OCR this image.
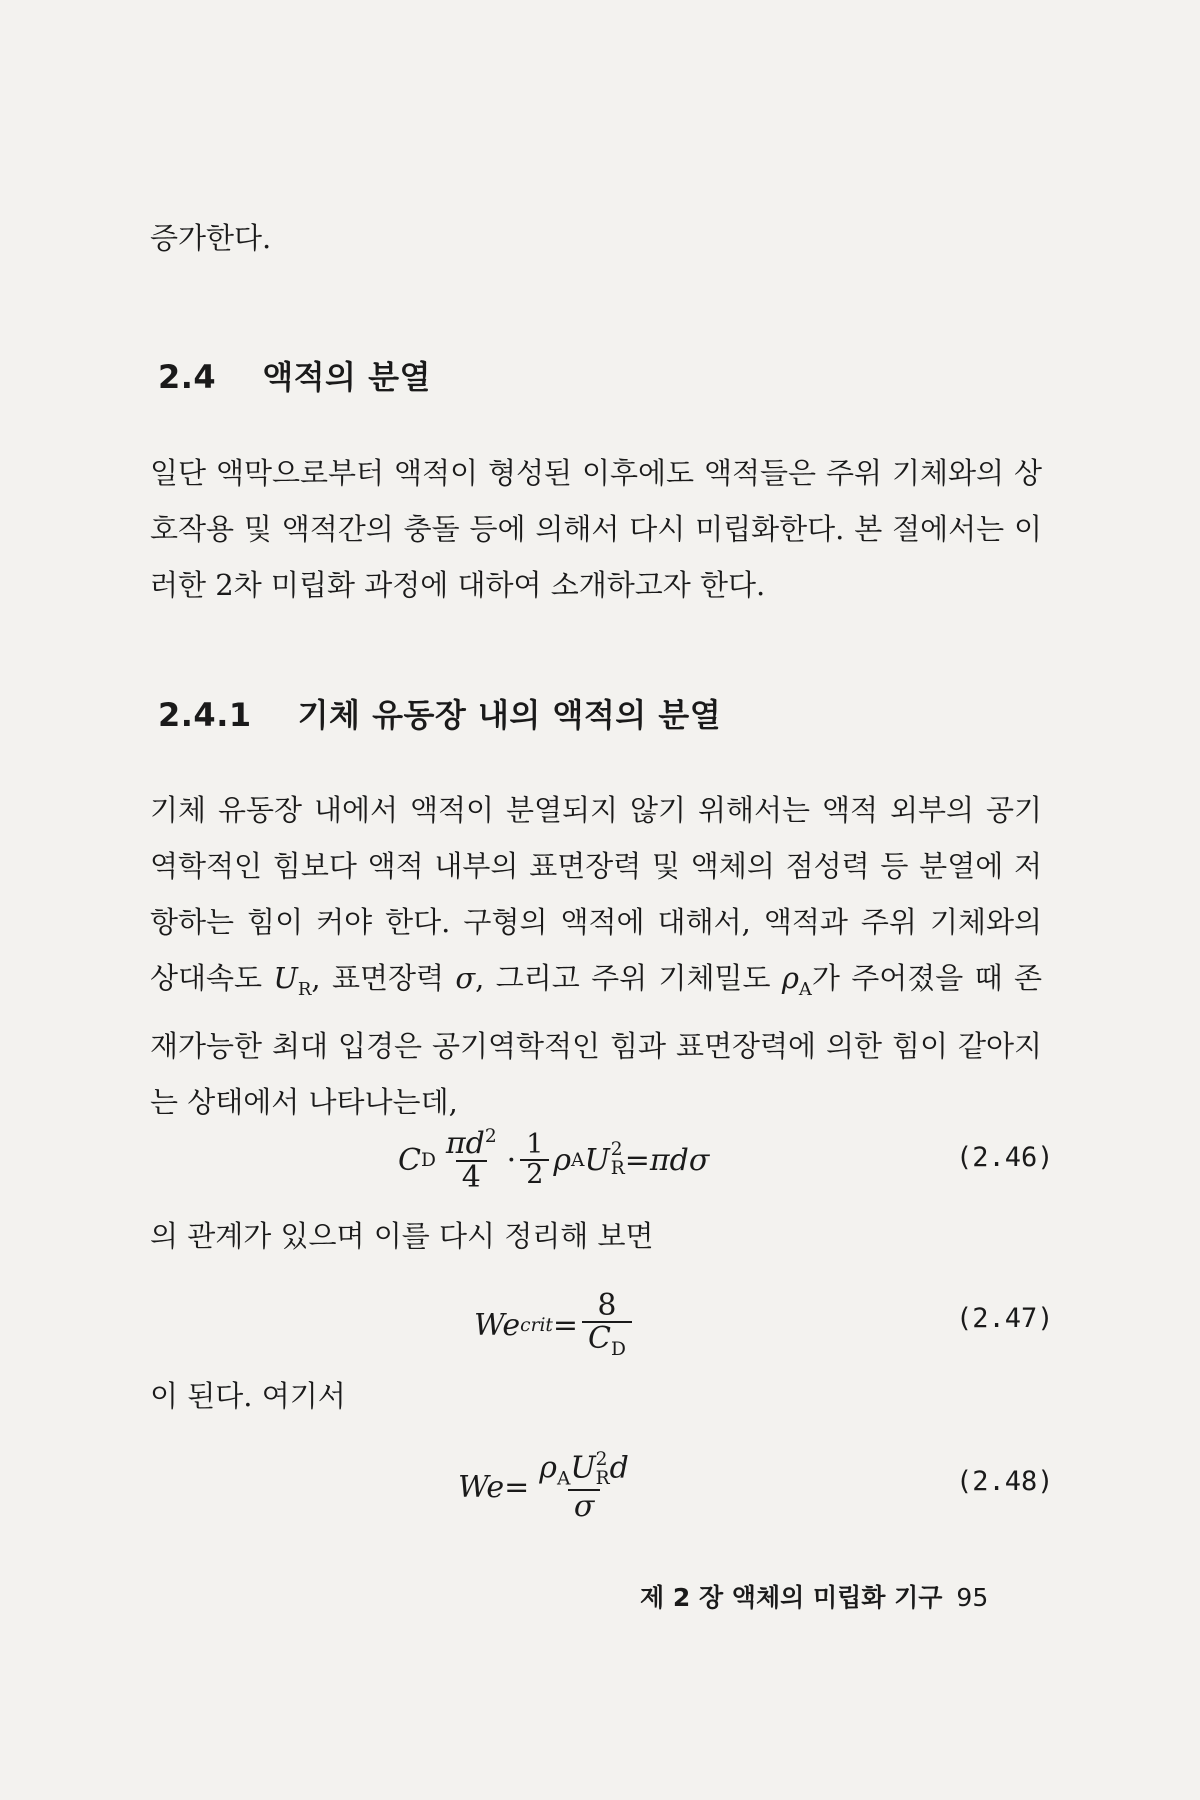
증가한다.
2.4 액적의 분열
일단 액막으로부터 액적이 형성된 이후에도 액적들은 주위 기체와의 상호작용 및 액적간의 충돌 등에 의해서 다시 미립화한다. 본 절에서는 이러한 2차 미립화 과정에 대하여 소개하고자 한다.
2.4.1 기체 유동장 내의 액적의 분열
기체 유동장 내에서 액적이 분열되지 않기 위해서는 액적 외부의 공기역학적인 힘보다 액적 내부의 표면장력 및 액체의 점성력 등 분열에 저항하는 힘이 커야 한다. 구형의 액적에 대해서, 액적과 주위 기체와의 상대속도 $U_R$, 표면장력 σ, 그리고 주위 기체밀도 $\rho_A$가 주어졌을 때 존재가능한 최대 입경은 공기역학적인 힘과 표면장력에 의한 힘이 같아지는 상태에서 나타나는데,
C D $\frac{\pi d^2}{4} \cdot \frac{1}{2}$ ρ A U 2
R =πdσ	(2.46)
의 관계가 있으며 이를 다시 정리해 보면
We crit = $\frac{8}{C_D}$	(2.47)
이 된다. 여기서
$We = \rho_AU$ 2
R d
σ	(2.48)
제 2 장 액체의 미립화 기구 95
